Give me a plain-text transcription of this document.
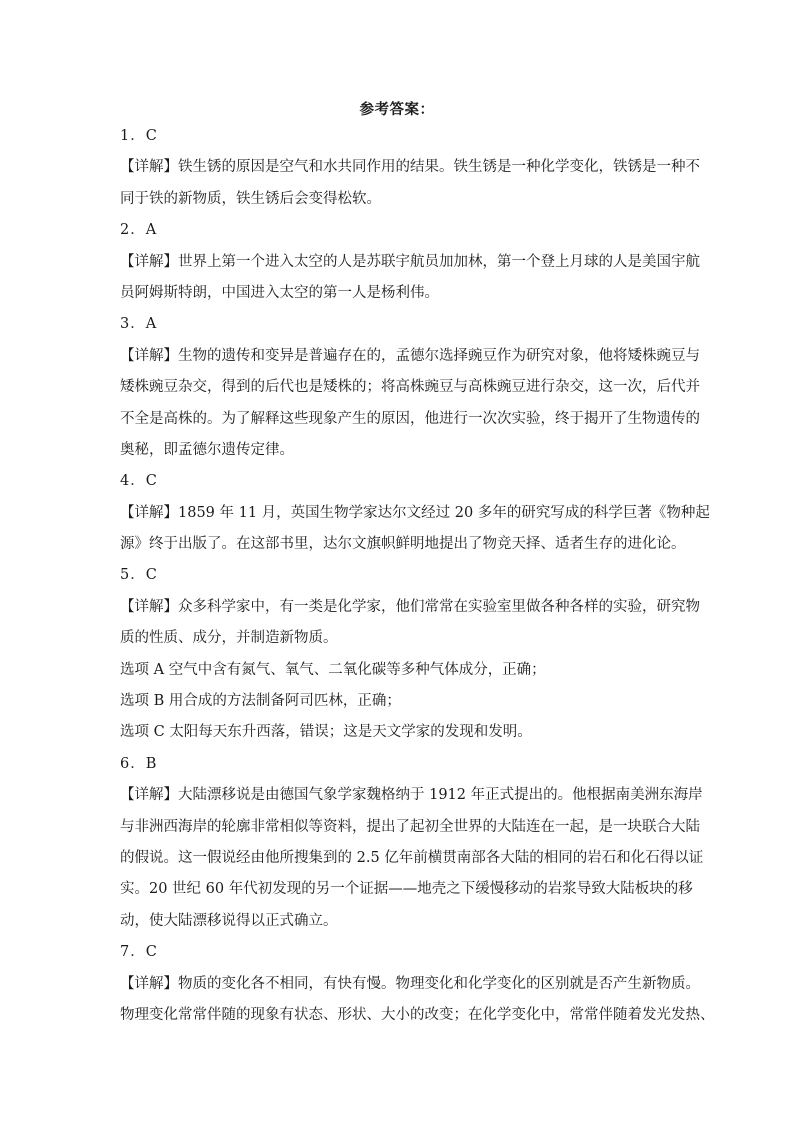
参考答案：
1．C
【详解】铁生锈的原因是空气和水共同作用的结果。铁生锈是一种化学变化，铁锈是一种不
同于铁的新物质，铁生锈后会变得松软。
2．A
【详解】世界上第一个进入太空的人是苏联宇航员加加林，第一个登上月球的人是美国宇航
员阿姆斯特朗，中国进入太空的第一人是杨利伟。
3．A
【详解】生物的遗传和变异是普遍存在的，孟德尔选择豌豆作为研究对象，他将矮株豌豆与
矮株豌豆杂交，得到的后代也是矮株的；将高株豌豆与高株豌豆进行杂交，这一次，后代并
不全是高株的。为了解释这些现象产生的原因，他进行一次次实验，终于揭开了生物遗传的
奥秘，即孟德尔遗传定律。
4．C
【详解】1859 年 11 月，英国生物学家达尔文经过 20 多年的研究写成的科学巨著《物种起
源》终于出版了。在这部书里，达尔文旗帜鲜明地提出了物竞天择、适者生存的进化论。
5．C
【详解】众多科学家中，有一类是化学家，他们常常在实验室里做各种各样的实验，研究物
质的性质、成分，并制造新物质。
选项 A 空气中含有氮气、氧气、二氧化碳等多种气体成分，正确；
选项 B 用合成的方法制备阿司匹林，正确；
选项 C 太阳每天东升西落，错误；这是天文学家的发现和发明。
6．B
【详解】大陆漂移说是由德国气象学家魏格纳于 1912 年正式提出的。他根据南美洲东海岸
与非洲西海岸的轮廓非常相似等资料，提出了起初全世界的大陆连在一起，是一块联合大陆
的假说。这一假说经由他所搜集到的 2.5 亿年前横贯南部各大陆的相同的岩石和化石得以证
实。20 世纪 60 年代初发现的另一个证据——地壳之下缓慢移动的岩浆导致大陆板块的移
动，使大陆漂移说得以正式确立。
7．C
【详解】物质的变化各不相同，有快有慢。物理变化和化学变化的区别就是否产生新物质。
物理变化常常伴随的现象有状态、形状、大小的改变；在化学变化中，常常伴随着发光发热、
